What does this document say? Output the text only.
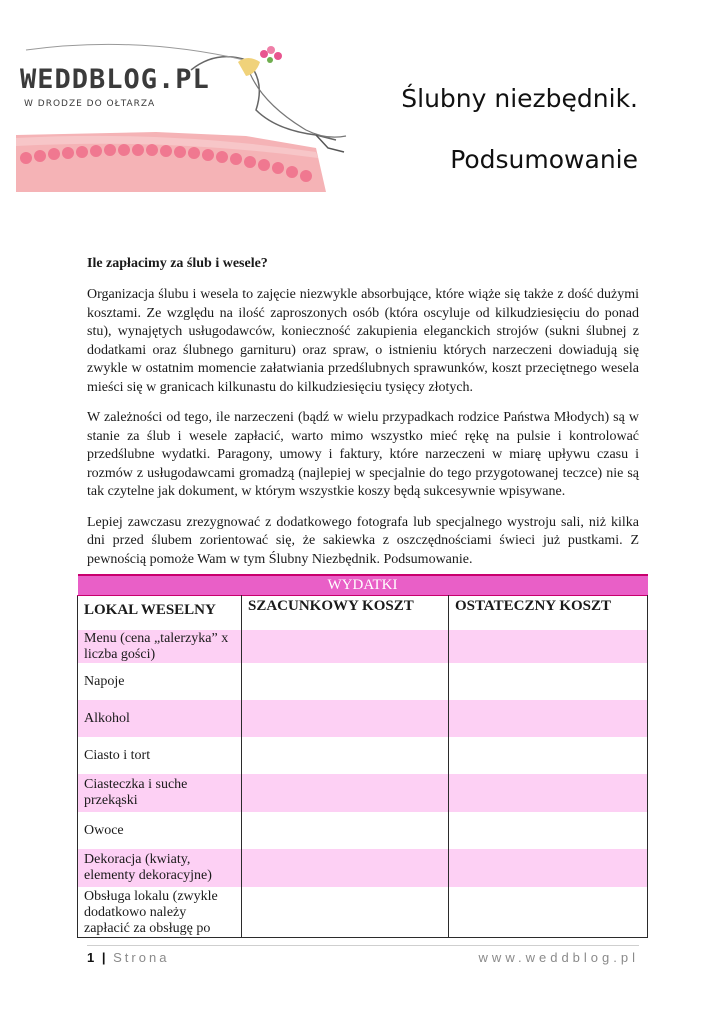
WEDDBLOG.PL
W DRODZE DO OŁTARZA	Ślubny niezbędnik.
Podsumowanie

Ile zapłacimy za ślub i wesele?

Organizacja ślubu i wesela to zajęcie niezwykle absorbujące, które wiąże się także z dość dużymi kosztami. Ze względu na ilość zaproszonych osób (która oscyluje od kilkudziesięciu do ponad stu), wynajętych usługodawców, konieczność zakupienia eleganckich strojów (sukni ślubnej z dodatkami oraz ślubnego garnituru) oraz spraw, o istnieniu których narzeczeni dowiadują się zwykle w ostatnim momencie załatwiania przedślubnych sprawunków, koszt przeciętnego wesela mieści się w granicach kilkunastu do kilkudziesięciu tysięcy złotych.

W zależności od tego, ile narzeczeni (bądź w wielu przypadkach rodzice Państwa Młodych) są w stanie za ślub i wesele zapłacić, warto mimo wszystko mieć rękę na pulsie i kontrolować przedślubne wydatki. Paragony, umowy i faktury, które narzeczeni w miarę upływu czasu i rozmów z usługodawcami gromadzą (najlepiej w specjalnie do tego przygotowanej teczce) nie są tak czytelne jak dokument, w którym wszystkie koszy będą sukcesywnie wpisywane.

Lepiej zawczasu zrezygnować z dodatkowego fotografa lub specjalnego wystroju sali, niż kilka dni przed ślubem zorientować się, że sakiewka z oszczędnościami świeci już pustkami. Z pewnością pomoże Wam w tym Ślubny Niezbędnik. Podsumowanie.

WYDATKI		
LOKAL WESELNY	SZACUNKOWY KOSZT	OSTATECZNY KOSZT
Menu (cena „talerzyka” x liczba gości)		
Napoje		
Alkohol		
Ciasto i tort		
Ciasteczka i suche przekąski		
Owoce		
Dekoracja (kwiaty, elementy dekoracyjne)		
Obsługa lokalu (zwykle dodatkowo należy zapłacić za obsługę po		
1 | Strona	www.weddblog.pl
